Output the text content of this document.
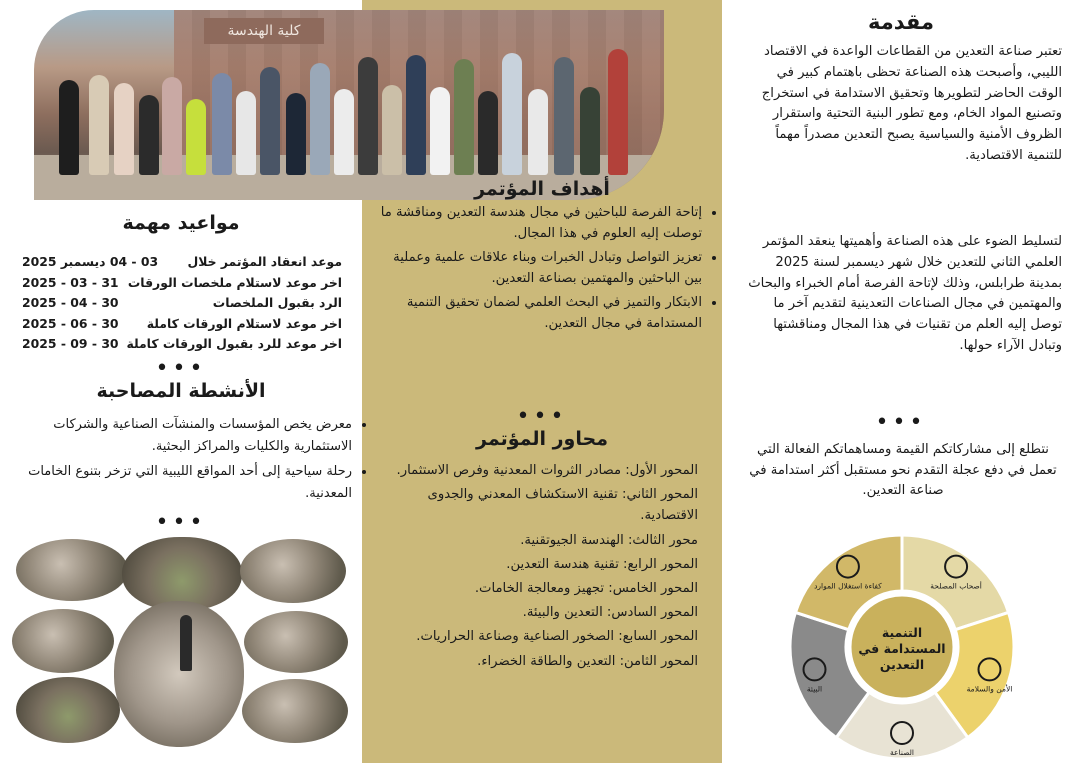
كلية الهندسة	مقدمة

تعتبر صناعة التعدين من القطاعات الواعدة في الاقتصاد الليبي، وأصبحت هذه الصناعة تحظى باهتمام كبير في الوقت الحاضر لتطويرها وتحقيق الاستدامة في استخراج وتصنيع المواد الخام، ومع تطور البنية التحتية واستقرار الظروف الأمنية والسياسية يصبح التعدين مصدراً مهماً للتنمية الاقتصادية.

لتسليط الضوء على هذه الصناعة وأهميتها ينعقد المؤتمر العلمي الثاني للتعدين خلال شهر ديسمبر لسنة 2025 بمدينة طرابلس، وذلك لإتاحة الفرصة أمام الخبراء والبحاث والمهتمين في مجال الصناعات التعدينية لتقديم آخر ما توصل إليه العلم من تقنيات في هذا المجال ومناقشتها وتبادل الآراء حولها.

•••

نتطلع إلى مشاركاتكم القيمة ومساهماتكم الفعالة التي تعمل في دفع عجلة التقدم نحو مستقبل أكثر استدامة في صناعة التعدين.

التنمية المستدامة في التعدين
أصحاب المصلحة
الأمن والسلامة
الصناعة
البيئة
كفاءة استغلال الموارد
أهداف المؤتمر
• إتاحة الفرصة للباحثين في مجال هندسة التعدين ومناقشة ما توصلت إليه العلوم في هذا المجال.
• تعزيز التواصل وتبادل الخبرات وبناء علاقات علمية وعملية بين الباحثين والمهتمين بصناعة التعدين.
• الابتكار والتميز في البحث العلمي لضمان تحقيق التنمية المستدامة في مجال التعدين.
•••
محاور المؤتمر
المحور الأول: مصادر الثروات المعدنية وفرص الاستثمار.
المحور الثاني: تقنية الاستكشاف المعدني والجدوى الاقتصادية.
محور الثالث: الهندسة الجيوتقنية.
المحور الرابع: تقنية هندسة التعدين.
المحور الخامس: تجهيز ومعالجة الخامات.
المحور السادس: التعدين والبيئة.
المحور السابع: الصخور الصناعية وصناعة الحراريات.
المحور الثامن: التعدين والطاقة الخضراء.
مواعيد مهمة
03 - 04 ديسمبر 2025 موعد انعقاد المؤتمر خلال
31 - 03 - 2025 اخر موعد لاستلام ملخصات الورقات
30 - 04 - 2025	الرد بقبول الملخصات
30 - 06 - 2025 اخر موعد لاستلام الورقات كاملة
30 - 09 - 2025 اخر موعد للرد بقبول الورقات كاملة
•••
الأنشطة المصاحبة
• معرض يخص المؤسسات والمنشآت الصناعية والشركات الاستثمارية والكليات والمراكز البحثية.
• رحلة سياحية إلى أحد المواقع الليبية التي تزخر بتنوع الخامات المعدنية.
•••
